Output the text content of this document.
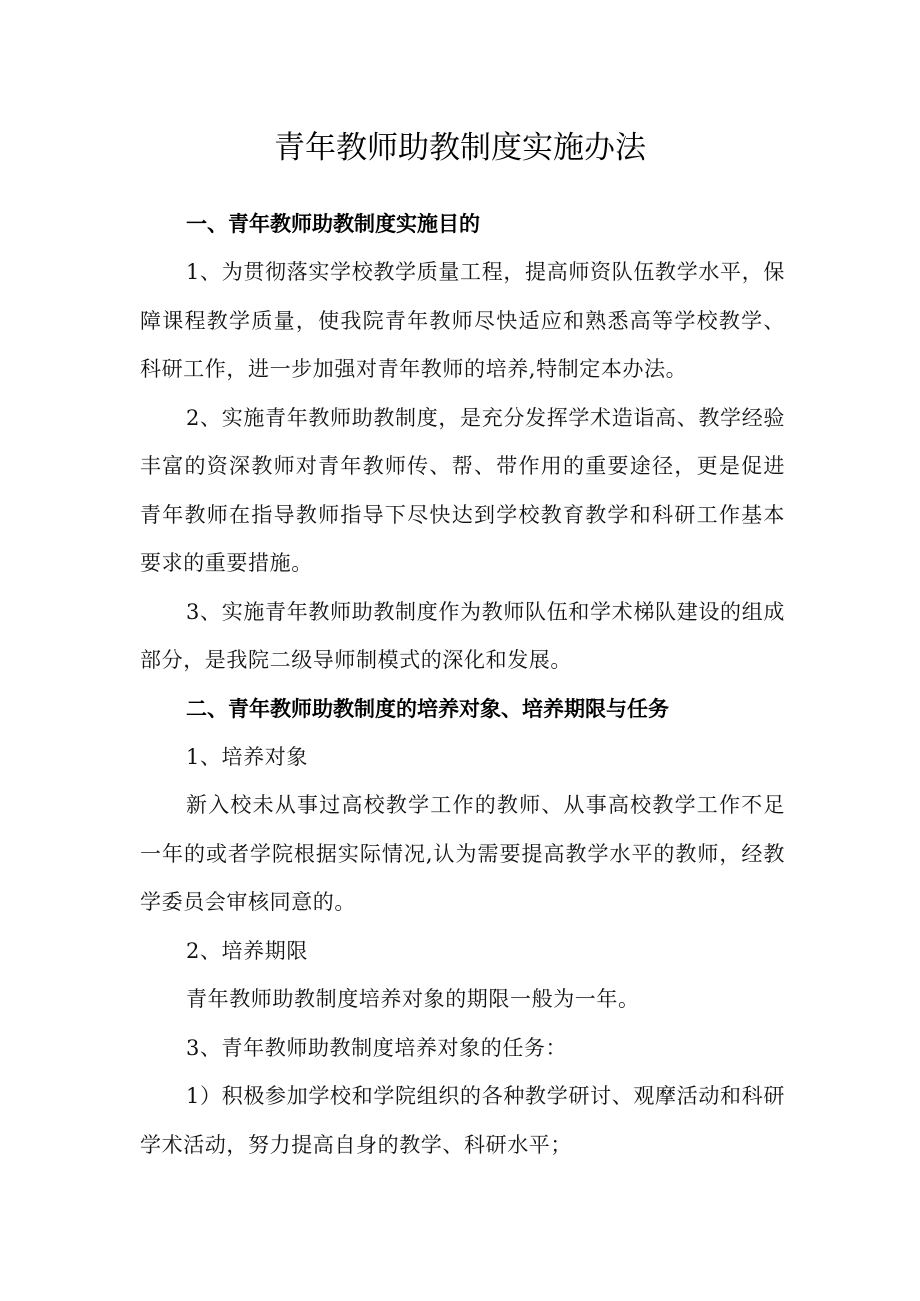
青年教师助教制度实施办法

一、青年教师助教制度实施目的

1、为贯彻落实学校教学质量工程，提高师资队伍教学水平，保障课程教学质量，使我院青年教师尽快适应和熟悉高等学校教学、科研工作，进一步加强对青年教师的培养,特制定本办法。

2、实施青年教师助教制度，是充分发挥学术造诣高、教学经验丰富的资深教师对青年教师传、帮、带作用的重要途径，更是促进青年教师在指导教师指导下尽快达到学校教育教学和科研工作基本要求的重要措施。

3、实施青年教师助教制度作为教师队伍和学术梯队建设的组成部分，是我院二级导师制模式的深化和发展。

二、青年教师助教制度的培养对象、培养期限与任务

1、培养对象

新入校未从事过高校教学工作的教师、从事高校教学工作不足一年的或者学院根据实际情况,认为需要提高教学水平的教师，经教学委员会审核同意的。

2、培养期限

青年教师助教制度培养对象的期限一般为一年。

3、青年教师助教制度培养对象的任务：

1）积极参加学校和学院组织的各种教学研讨、观摩活动和科研学术活动，努力提高自身的教学、科研水平；
